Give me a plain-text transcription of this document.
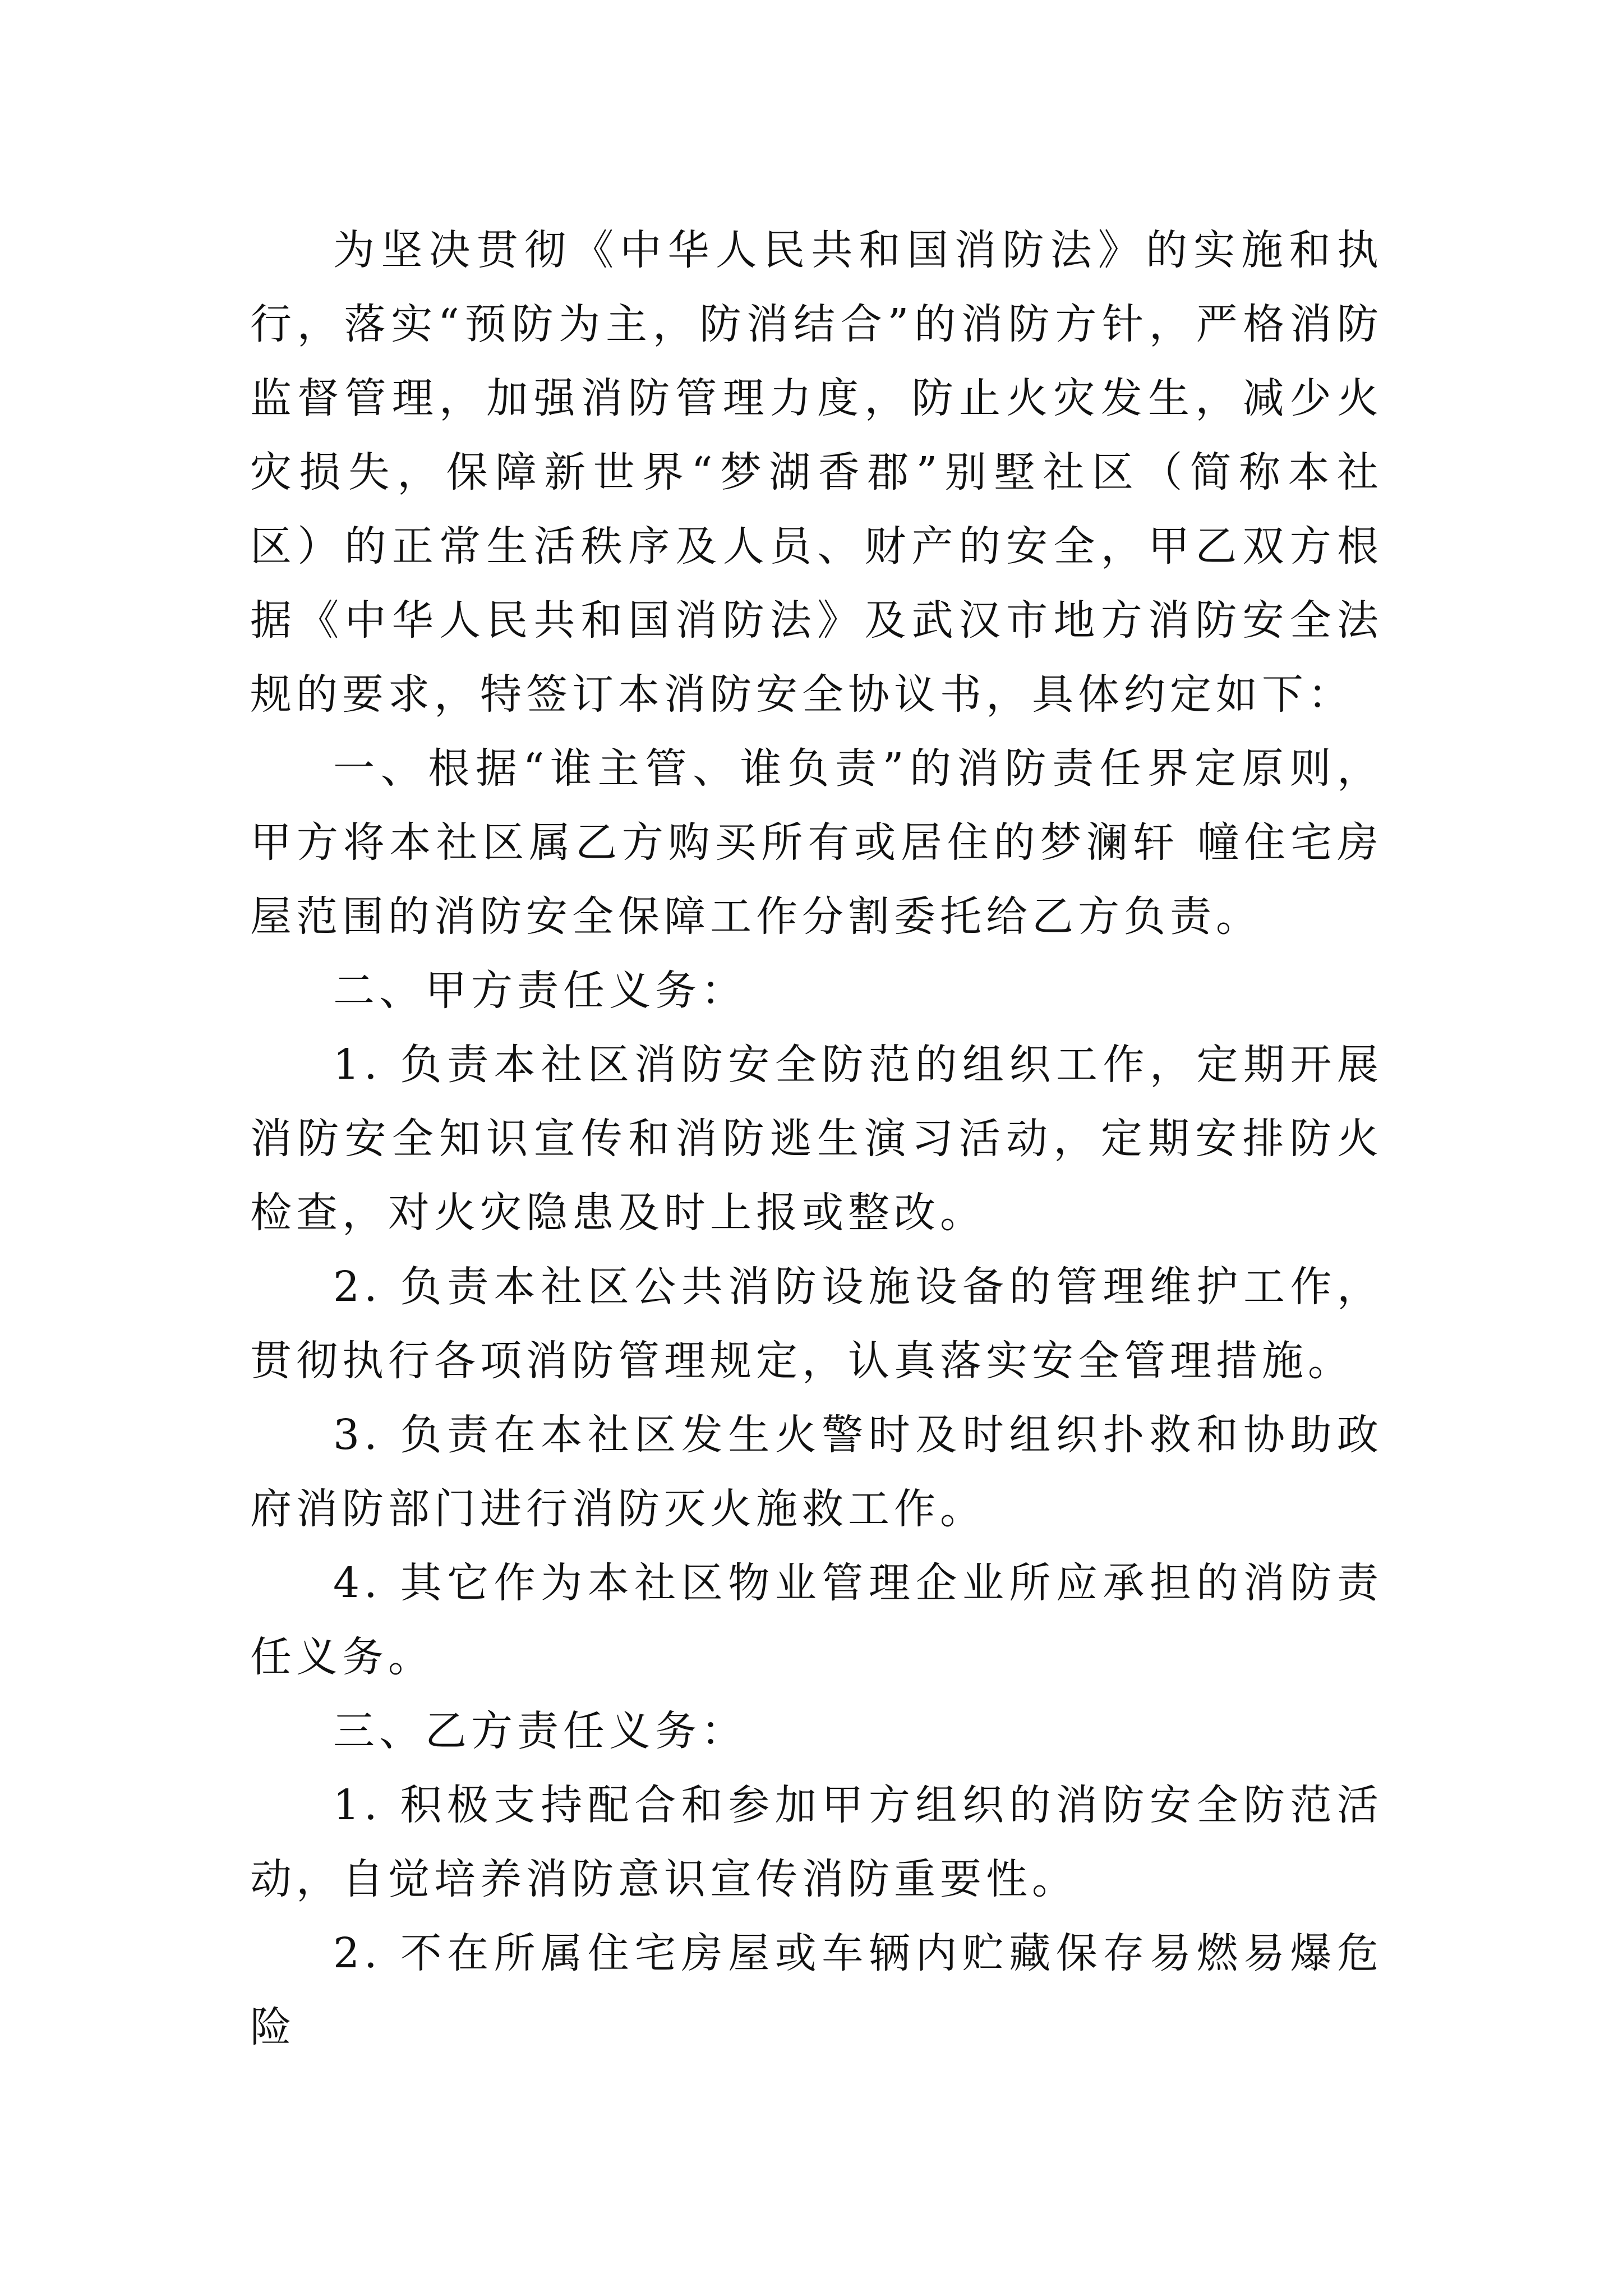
为坚决贯彻《中华人民共和国消防法》的实施和执行，落实“预防为主，防消结合”的消防方针，严格消防监督管理，加强消防管理力度，防止火灾发生，减少火灾损失，保障新世界“梦湖香郡”别墅社区（简称本社区）的正常生活秩序及人员、财产的安全，甲乙双方根据《中华人民共和国消防法》及武汉市地方消防安全法规的要求，特签订本消防安全协议书，具体约定如下：

一、根据“谁主管、谁负责”的消防责任界定原则，甲方将本社区属乙方购买所有或居住的梦澜轩 幢住宅房屋范围的消防安全保障工作分割委托给乙方负责。

二、甲方责任义务：

1. 负责本社区消防安全防范的组织工作，定期开展消防安全知识宣传和消防逃生演习活动，定期安排防火检查，对火灾隐患及时上报或整改。

2. 负责本社区公共消防设施设备的管理维护工作，贯彻执行各项消防管理规定，认真落实安全管理措施。

3. 负责在本社区发生火警时及时组织扑救和协助政府消防部门进行消防灭火施救工作。

4. 其它作为本社区物业管理企业所应承担的消防责任义务。

三、乙方责任义务：

1. 积极支持配合和参加甲方组织的消防安全防范活动，自觉培养消防意识宣传消防重要性。

2. 不在所属住宅房屋或车辆内贮藏保存易燃易爆危险
